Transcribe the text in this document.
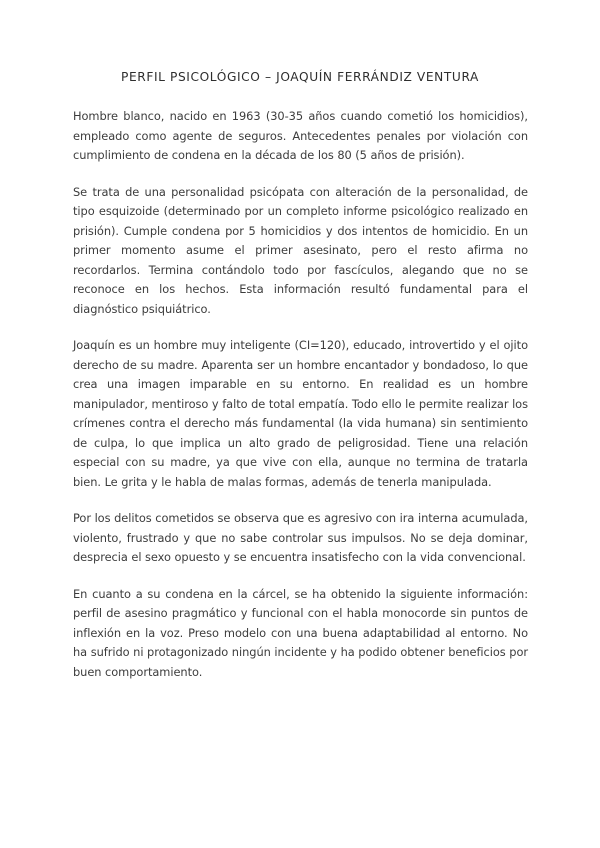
PERFIL PSICOLÓGICO – JOAQUÍN FERRÁNDIZ VENTURA

Hombre blanco, nacido en 1963 (30-35 años cuando cometió los homicidios), empleado como agente de seguros. Antecedentes penales por violación con cumplimiento de condena en la década de los 80 (5 años de prisión).

Se trata de una personalidad psicópata con alteración de la personalidad, de tipo esquizoide (determinado por un completo informe psicológico realizado en prisión). Cumple condena por 5 homicidios y dos intentos de homicidio. En un primer momento asume el primer asesinato, pero el resto afirma no recordarlos. Termina contándolo todo por fascículos, alegando que no se reconoce en los hechos. Esta información resultó fundamental para el diagnóstico psiquiátrico.

Joaquín es un hombre muy inteligente (CI=120), educado, introvertido y el ojito derecho de su madre. Aparenta ser un hombre encantador y bondadoso, lo que crea una imagen imparable en su entorno. En realidad es un hombre manipulador, mentiroso y falto de total empatía. Todo ello le permite realizar los crímenes contra el derecho más fundamental (la vida humana) sin sentimiento de culpa, lo que implica un alto grado de peligrosidad. Tiene una relación especial con su madre, ya que vive con ella, aunque no termina de tratarla bien. Le grita y le habla de malas formas, además de tenerla manipulada.

Por los delitos cometidos se observa que es agresivo con ira interna acumulada, violento, frustrado y que no sabe controlar sus impulsos. No se deja dominar, desprecia el sexo opuesto y se encuentra insatisfecho con la vida convencional.

En cuanto a su condena en la cárcel, se ha obtenido la siguiente información: perfil de asesino pragmático y funcional con el habla monocorde sin puntos de inflexión en la voz. Preso modelo con una buena adaptabilidad al entorno. No ha sufrido ni protagonizado ningún incidente y ha podido obtener beneficios por buen comportamiento.
